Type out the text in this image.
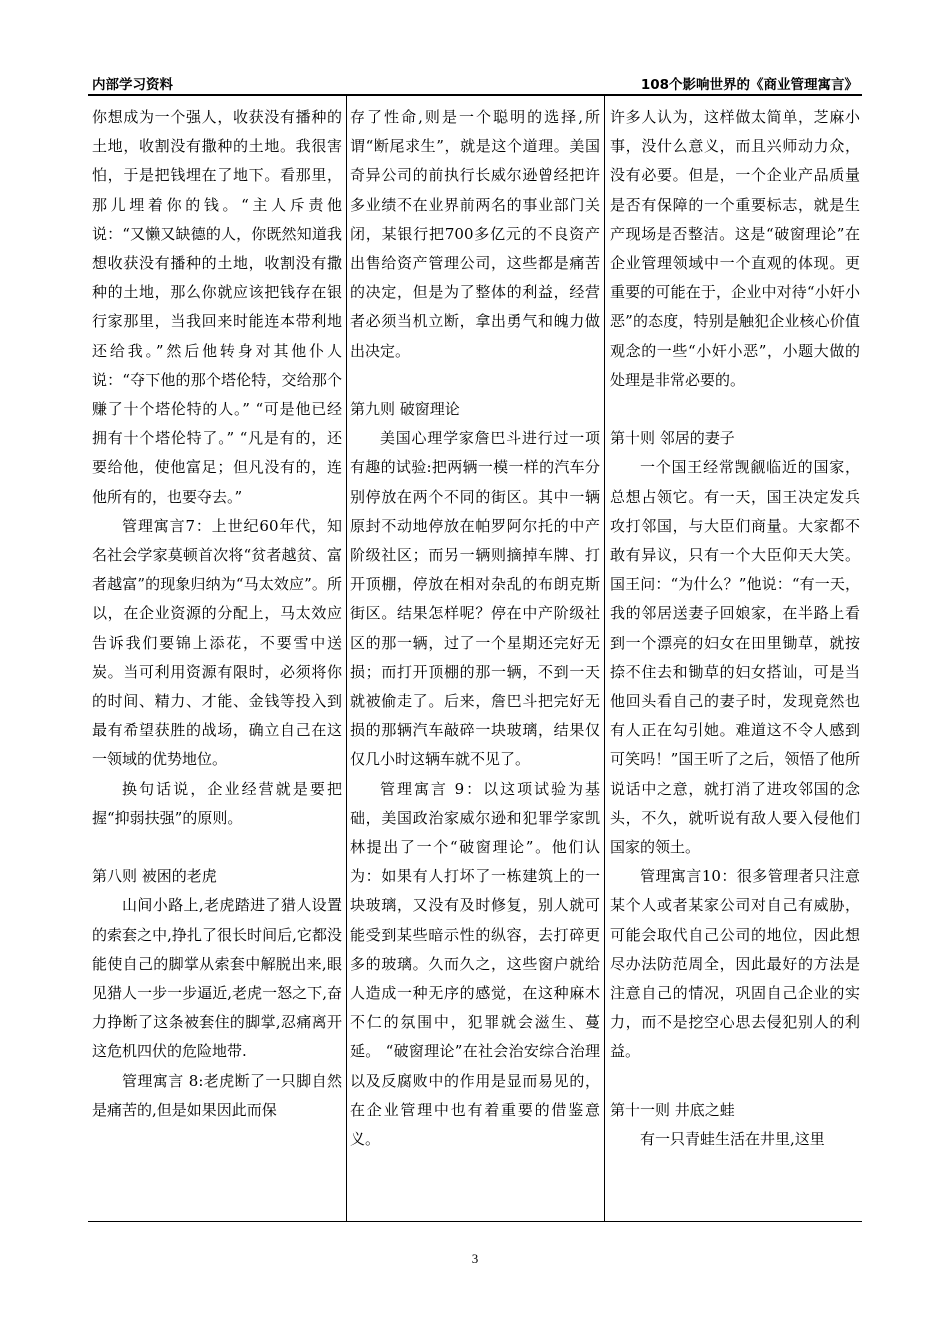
内部学习资料	108个影响世界的《商业管理寓言》

你想成为一个强人，收获没有播种的土地，收割没有撒种的土地。我很害怕，于是把钱埋在了地下。看那里，那儿埋着你的钱。“主人斥责他说：“又懒又缺德的人，你既然知道我想收获没有播种的土地，收割没有撒种的土地，那么你就应该把钱存在银行家那里，当我回来时能连本带利地还给我。”然后他转身对其他仆人说：“夺下他的那个塔伦特，交给那个赚了十个塔伦特的人。” “可是他已经拥有十个塔伦特了。” “凡是有的，还要给他，使他富足；但凡没有的，连他所有的，也要夺去。”

管理寓言7：上世纪60年代，知名社会学家莫顿首次将“贫者越贫、富者越富”的现象归纳为“马太效应”。所以，在企业资源的分配上，马太效应告诉我们要锦上添花，不要雪中送炭。当可利用资源有限时，必须将你的时间、精力、才能、金钱等投入到最有希望获胜的战场，确立自己在这一领域的优势地位。

换句话说，企业经营就是要把握“抑弱扶强”的原则。

第八则 被困的老虎

山间小路上,老虎踏进了猎人设置的索套之中,挣扎了很长时间后,它都没能使自己的脚掌从索套中解脱出来,眼见猎人一步一步逼近,老虎一怒之下,奋力挣断了这条被套住的脚掌,忍痛离开这危机四伏的危险地带.

管理寓言 8:老虎断了一只脚自然是痛苦的,但是如果因此而保

存了性命,则是一个聪明的选择,所谓“断尾求生”，就是这个道理。美国奇异公司的前执行长威尔逊曾经把许多业绩不在业界前两名的事业部门关闭，某银行把700多亿元的不良资产出售给资产管理公司，这些都是痛苦的决定，但是为了整体的利益，经营者必须当机立断，拿出勇气和魄力做出决定。

第九则 破窗理论

美国心理学家詹巴斗进行过一项有趣的试验:把两辆一模一样的汽车分别停放在两个不同的街区。其中一辆原封不动地停放在帕罗阿尔托的中产阶级社区；而另一辆则摘掉车牌、打开顶棚，停放在相对杂乱的布朗克斯街区。结果怎样呢？停在中产阶级社区的那一辆，过了一个星期还完好无损；而打开顶棚的那一辆，不到一天就被偷走了。后来，詹巴斗把完好无损的那辆汽车敲碎一块玻璃，结果仅仅几小时这辆车就不见了。

管理寓言 9：以这项试验为基础，美国政治家威尔逊和犯罪学家凯林提出了一个“破窗理论”。他们认为：如果有人打坏了一栋建筑上的一块玻璃，又没有及时修复，别人就可能受到某些暗示性的纵容，去打碎更多的玻璃。久而久之，这些窗户就给人造成一种无序的感觉，在这种麻木不仁的氛围中，犯罪就会滋生、蔓延。 “破窗理论”在社会治安综合治理以及反腐败中的作用是显而易见的，在企业管理中也有着重要的借鉴意义。

许多人认为，这样做太简单，芝麻小事，没什么意义，而且兴师动力众，没有必要。但是，一个企业产品质量是否有保障的一个重要标志，就是生产现场是否整洁。这是“破窗理论”在企业管理领域中一个直观的体现。更重要的可能在于，企业中对待“小奸小恶”的态度，特别是触犯企业核心价值观念的一些“小奸小恶”，小题大做的处理是非常必要的。

第十则 邻居的妻子

一个国王经常觊觎临近的国家，总想占领它。有一天，国王决定发兵攻打邻国，与大臣们商量。大家都不敢有异议，只有一个大臣仰天大笑。国王问：“为什么？”他说：“有一天，我的邻居送妻子回娘家，在半路上看到一个漂亮的妇女在田里锄草，就按捺不住去和锄草的妇女搭讪，可是当他回头看自己的妻子时，发现竟然也有人正在勾引她。难道这不令人感到可笑吗！”国王听了之后，领悟了他所说话中之意，就打消了进攻邻国的念头，不久，就听说有敌人要入侵他们国家的领土。

管理寓言10：很多管理者只注意某个人或者某家公司对自己有威胁，可能会取代自己公司的地位，因此想尽办法防范周全，因此最好的方法是注意自己的情况，巩固自己企业的实力，而不是挖空心思去侵犯别人的利益。

第十一则 井底之蛙

有一只青蛙生活在井里,这里

3
